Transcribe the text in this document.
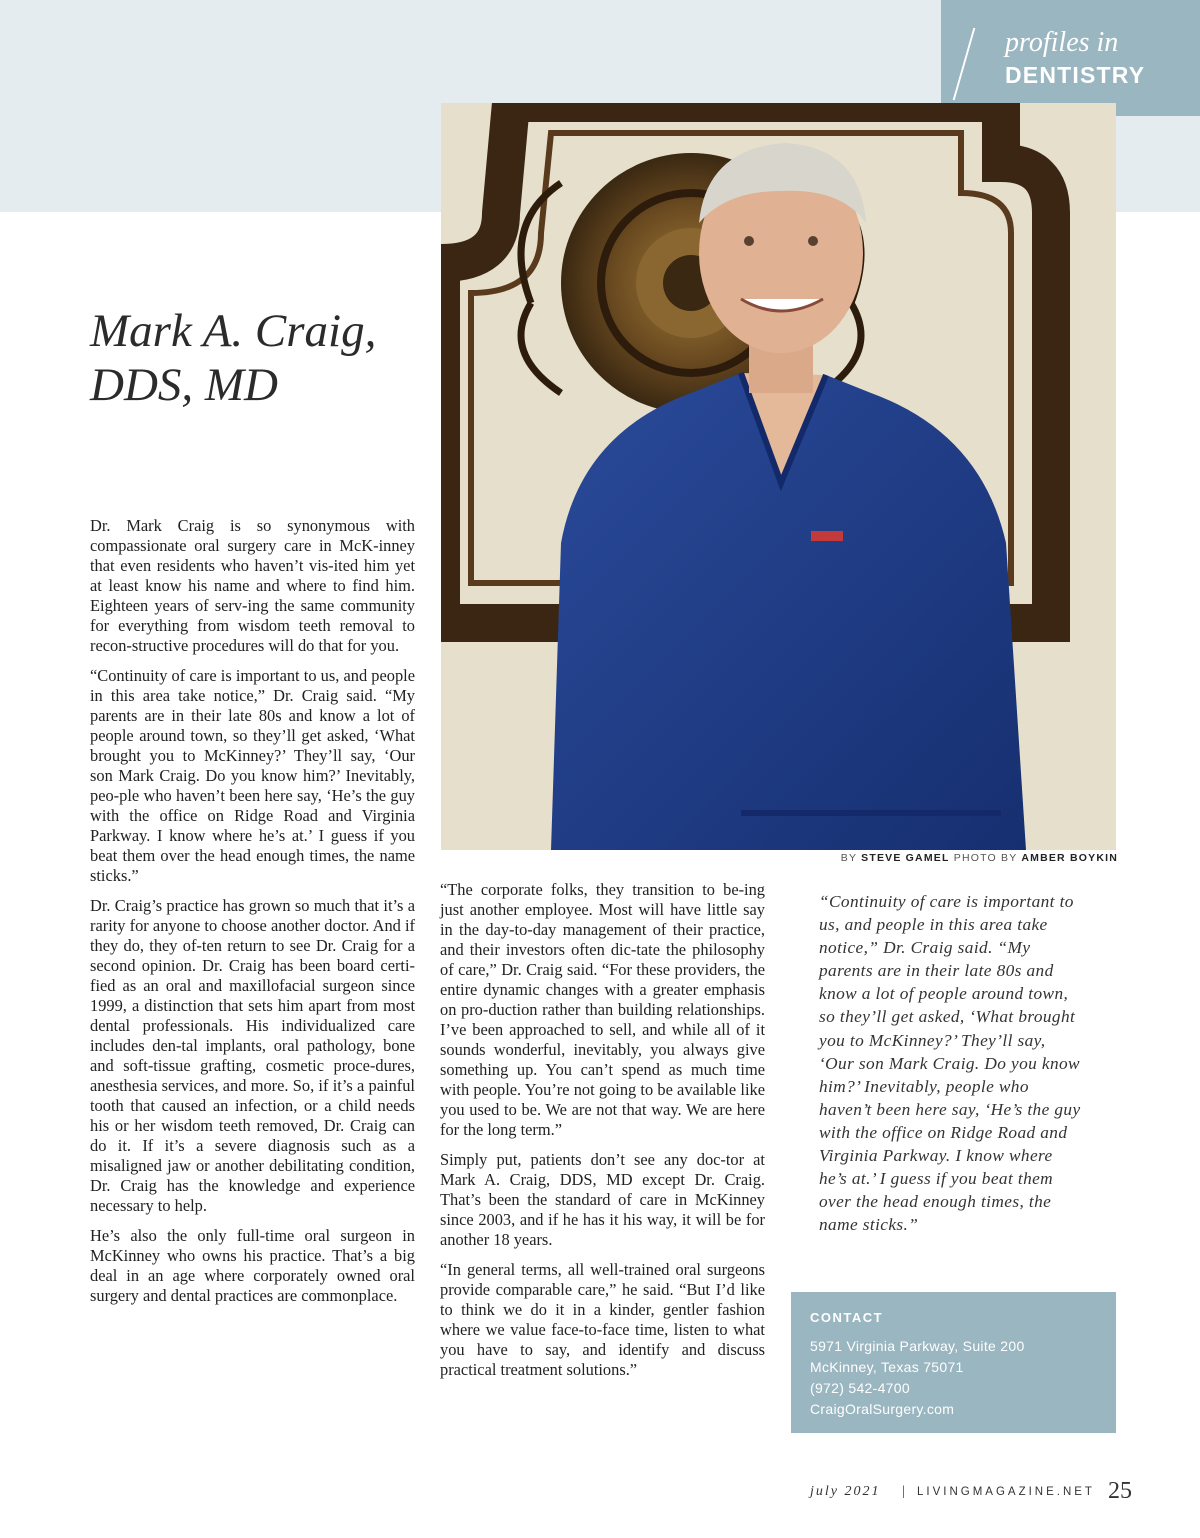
profiles in
DENTISTRY
BY STEVE GAMEL PHOTO BY AMBER BOYKIN
Mark A. Craig,
DDS, MD

Dr. Mark Craig is so synonymous with compassionate oral surgery care in McK-inney that even residents who haven’t vis-ited him yet at least know his name and where to find him. Eighteen years of serv-ing the same community for everything from wisdom teeth removal to recon-structive procedures will do that for you.

“Continuity of care is important to us, and people in this area take notice,” Dr. Craig said. “My parents are in their late 80s and know a lot of people around town, so they’ll get asked, ‘What brought you to McKinney?’ They’ll say, ‘Our son Mark Craig. Do you know him?’ Inevitably, peo-ple who haven’t been here say, ‘He’s the guy with the office on Ridge Road and Virginia Parkway. I know where he’s at.’ I guess if you beat them over the head enough times, the name sticks.”

Dr. Craig’s practice has grown so much that it’s a rarity for anyone to choose another doctor. And if they do, they of-ten return to see Dr. Craig for a second opinion. Dr. Craig has been board certi-fied as an oral and maxillofacial surgeon since 1999, a distinction that sets him apart from most dental professionals. His individualized care includes den-tal implants, oral pathology, bone and soft-tissue grafting, cosmetic proce-dures, anesthesia services, and more. So, if it’s a painful tooth that caused an infection, or a child needs his or her wisdom teeth removed, Dr. Craig can do it. If it’s a severe diagnosis such as a misaligned jaw or another debilitating condition, Dr. Craig has the knowledge and experience necessary to help.

He’s also the only full-time oral surgeon in McKinney who owns his practice. That’s a big deal in an age where corporately owned oral surgery and dental practices are commonplace.

“The corporate folks, they transition to be-ing just another employee. Most will have little say in the day-to-day management of their practice, and their investors often dic-tate the philosophy of care,” Dr. Craig said. “For these providers, the entire dynamic changes with a greater emphasis on pro-duction rather than building relationships. I’ve been approached to sell, and while all of it sounds wonderful, inevitably, you always give something up. You can’t spend as much time with people. You’re not going to be available like you used to be. We are not that way. We are here for the long term.”

Simply put, patients don’t see any doc-tor at Mark A. Craig, DDS, MD except Dr. Craig. That’s been the standard of care in McKinney since 2003, and if he has it his way, it will be for another 18 years.

“In general terms, all well-trained oral surgeons provide comparable care,” he said. “But I’d like to think we do it in a kinder, gentler fashion where we value face-to-face time, listen to what you have to say, and identify and discuss practical treatment solutions.”

“Continuity of care is important to us, and people in this area take notice,” Dr. Craig said. “My parents are in their late 80s and know a lot of people around town, so they’ll get asked, ‘What brought you to McKinney?’ They’ll say, ‘Our son Mark Craig. Do you know him?’ Inevitably, people who haven’t been here say, ‘He’s the guy with the office on Ridge Road and Virginia Parkway. I know where he’s at.’ I guess if you beat them over the head enough times, the name sticks.”

CONTACT
5971 Virginia Parkway, Suite 200
McKinney, Texas 75071
(972) 542-4700
CraigOralSurgery.com
july 2021 | LIVINGMAGAZINE.NET 25
